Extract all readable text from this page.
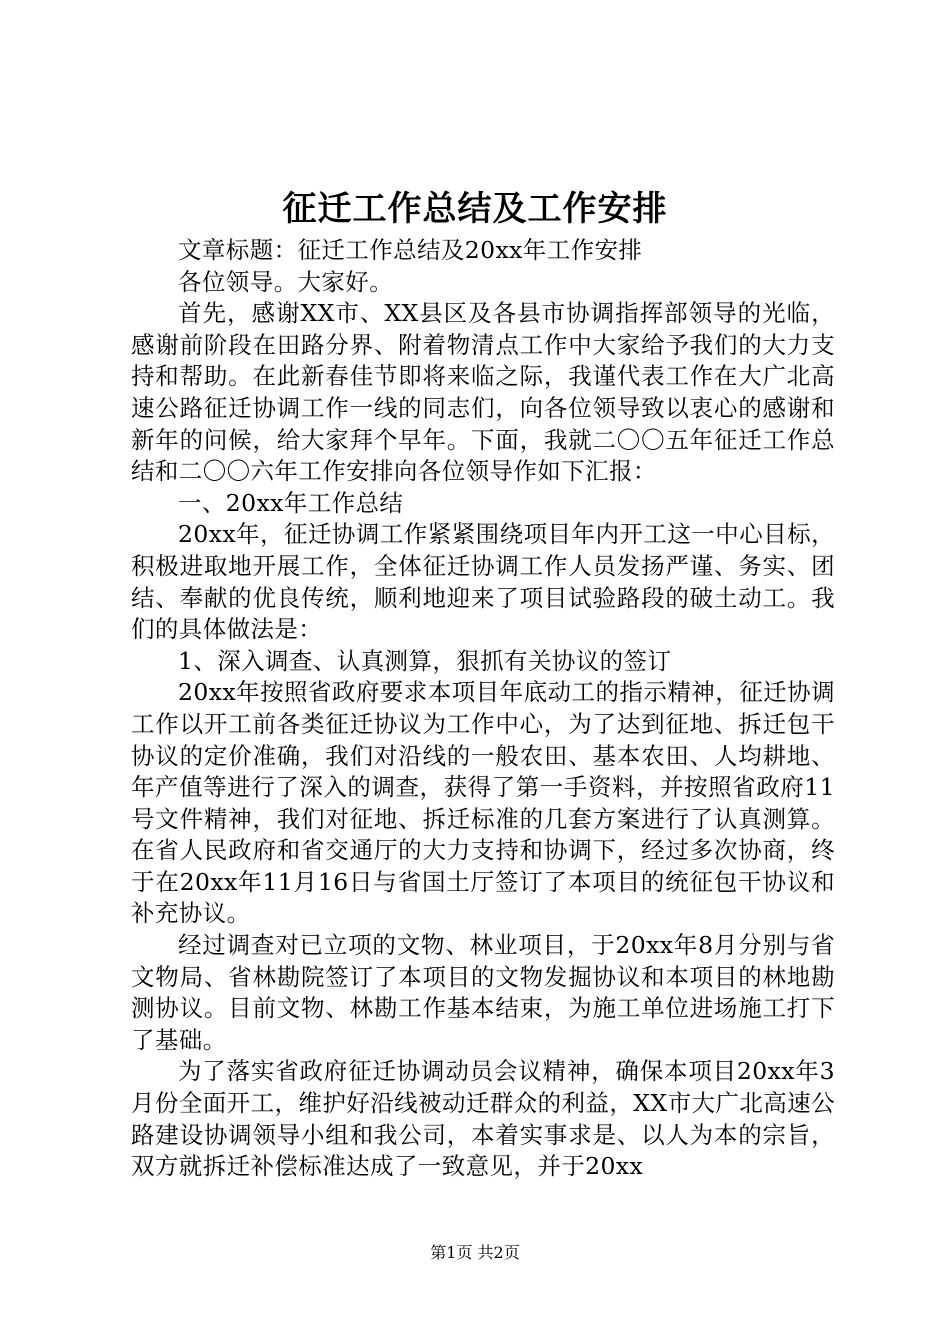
征迁工作总结及工作安排

文章标题：征迁工作总结及20xx年工作安排

各位领导。大家好。

首先，感谢XX市、XX县区及各县市协调指挥部领导的光临，感谢前阶段在田路分界、附着物清点工作中大家给予我们的大力支持和帮助。在此新春佳节即将来临之际，我谨代表工作在大广北高速公路征迁协调工作一线的同志们，向各位领导致以衷心的感谢和新年的问候，给大家拜个早年。下面，我就二〇〇五年征迁工作总结和二〇〇六年工作安排向各位领导作如下汇报：

一、20xx年工作总结

20xx年，征迁协调工作紧紧围绕项目年内开工这一中心目标，积极进取地开展工作，全体征迁协调工作人员发扬严谨、务实、团结、奉献的优良传统，顺利地迎来了项目试验路段的破土动工。我们的具体做法是：

1、深入调查、认真测算，狠抓有关协议的签订

20xx年按照省政府要求本项目年底动工的指示精神，征迁协调工作以开工前各类征迁协议为工作中心，为了达到征地、拆迁包干协议的定价准确，我们对沿线的一般农田、基本农田、人均耕地、年产值等进行了深入的调查，获得了第一手资料，并按照省政府11号文件精神，我们对征地、拆迁标准的几套方案进行了认真测算。在省人民政府和省交通厅的大力支持和协调下，经过多次协商，终于在20xx年11月16日与省国土厅签订了本项目的统征包干协议和补充协议。

经过调查对已立项的文物、林业项目，于20xx年8月分别与省文物局、省林勘院签订了本项目的文物发掘协议和本项目的林地勘测协议。目前文物、林勘工作基本结束，为施工单位进场施工打下了基础。

为了落实省政府征迁协调动员会议精神，确保本项目20xx年3月份全面开工，维护好沿线被动迁群众的利益，XX市大广北高速公路建设协调领导小组和我公司，本着实事求是、以人为本的宗旨，双方就拆迁补偿标准达成了一致意见，并于20xx

第1页 共2页
